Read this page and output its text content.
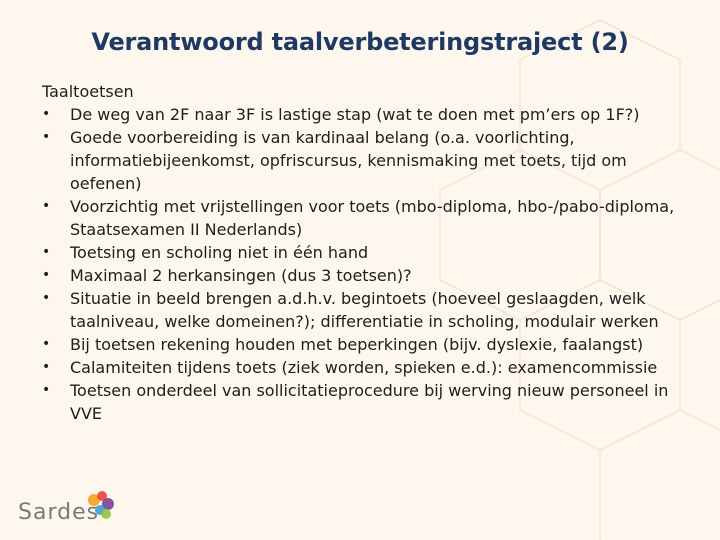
Verantwoord taalverbeteringstraject (2)
Taaltoetsen
•	De weg van 2F naar 3F is lastige stap (wat te doen met pm’ers op 1F?)
•	Goede voorbereiding is van kardinaal belang (o.a. voorlichting, informatiebijeenkomst, opfriscursus, kennismaking met toets, tijd om oefenen)
•	Voorzichtig met vrijstellingen voor toets (mbo-diploma, hbo-/pabo-diploma, Staatsexamen II Nederlands)
•	Toetsing en scholing niet in één hand
•	Maximaal 2 herkansingen (dus 3 toetsen)?
•	Situatie in beeld brengen a.d.h.v. begintoets (hoeveel geslaagden, welk taalniveau, welke domeinen?); differentiatie in scholing, modulair werken
•	Bij toetsen rekening houden met beperkingen (bijv. dyslexie, faalangst)
•	Calamiteiten tijdens toets (ziek worden, spieken e.d.): examencommissie
•	Toetsen onderdeel van sollicitatieprocedure bij werving nieuw personeel in VVE
Sardes
